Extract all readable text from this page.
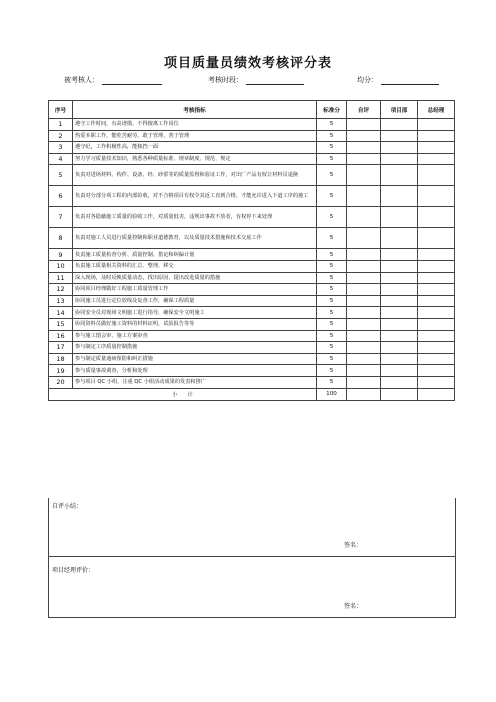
项目质量员绩效考核评分表
被考核人：	考核时段：	均分：
序号	考核指标	标准分	自评	项目部	总经理
1	遵守工作时间，有高谱摸、不得擅离工作岗位	5			
2	热爱本职工作，能吃苦耐劳，敢于管理，善于管理	5			
3	遵守纪，工作积极性高，能独挡一面	5			
4	努力学习质量技术知识，熟悉各种质量标准、规章制度、规范、规定	5			
5	负责对进场材料、构件、设备、经、砂浆等的质量监督和验证工作，对出厂产品有权让材料员退换	5			
6	负责对分部分项工程的内部验收，对不合格项目有权令其返工直到合格，才能允许进入下道工序的施工	5			
7	负责对各隐蔽施工质量的验收工作，对质量低劣，违规出事故不放者，有权停下来处理	5			
8	负责对施工人员进行质量控制和职业道德教育，以及质量技术措施和技术交底工作	5			
9	负责施工质量检查分析、质量控制、措论和纠偏计划	5			
10	负责施工质量相关资料的汇总、整理、移交	5			
11	深入现场，及时反映质量动态，找出原因，提出改进质量的措施	5			
12	协同项目经理做好工程施工质量管理工作	5			
13	协同施工员进行定位放线及复查工作，确保工程质量	5			
14	协同安全员对现场文明施工进行指导，确保安全文明施工	5			
15	协同资料员做好施工资料的材料证明，试验报告等等	5			
16	参与施工图会审、施工方案审查	5			
17	参与制定工序质量控制措施	5			
18	参与制定质量通病预防和纠正措施	5			
19	参与质量事故调查，分析和处理	5			
20	参与项目 QC 小组，注重 QC 小组活动成果的发表和推广	5			
小　　计		100			
自评小结：
签名：
项目经理评价：
签名：
